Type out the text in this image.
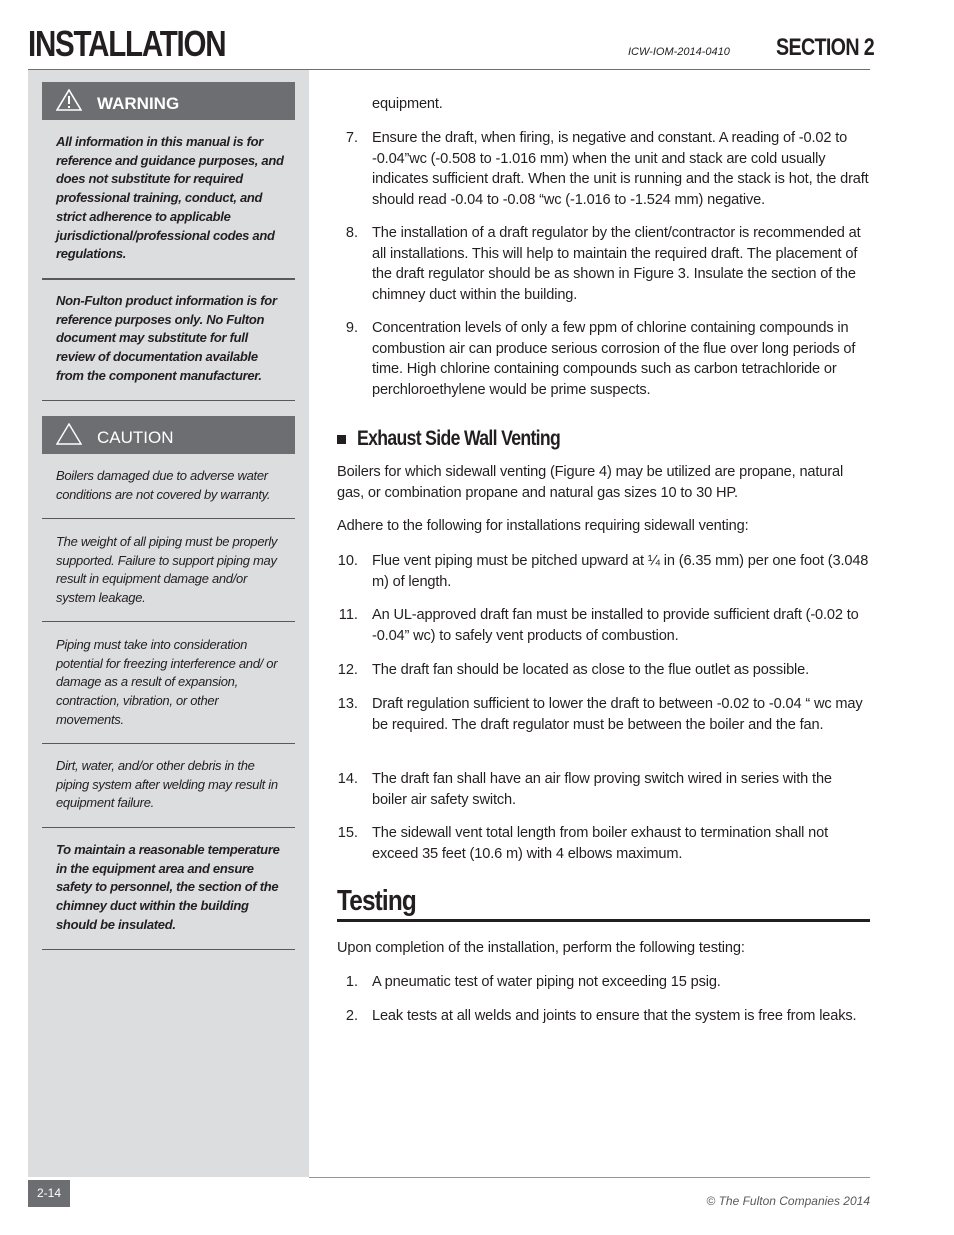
INSTALLATION	ICW-IOM-2014-0410 SECTION 2
WARNING
All information in this manual is for reference and guidance purposes, and does not substitute for required professional training, conduct, and strict adherence to applicable jurisdictional/professional codes and regulations.
Non-Fulton product information is for reference purposes only. No Fulton document may substitute for full review of documentation available from the component manufacturer.
CAUTION
Boilers damaged due to adverse water conditions are not covered by warranty.
The weight of all piping must be properly supported. Failure to support piping may result in equipment damage and/or system leakage.
Piping must take into consideration potential for freezing interference and/ or damage as a result of expansion, contraction, vibration, or other movements.
Dirt, water, and/or other debris in the piping system after welding may result in equipment failure.
To maintain a reasonable temperature in the equipment area and ensure safety to personnel, the section of the chimney duct within the building should be insulated.
equipment.
7. Ensure the draft, when firing, is negative and constant. A reading of -0.02 to -0.04”wc (-0.508 to -1.016 mm) when the unit and stack are cold usually indicates sufficient draft. When the unit is running and the stack is hot, the draft should read -0.04 to -0.08 “wc (-1.016 to -1.524 mm) negative.
8. The installation of a draft regulator by the client/contractor is recommended at all installations. This will help to maintain the required draft. The placement of the draft regulator should be as shown in Figure 3. Insulate the section of the chimney duct within the building.
9. Concentration levels of only a few ppm of chlorine containing compounds in combustion air can produce serious corrosion of the flue over long periods of time. High chlorine containing compounds such as carbon tetrachloride or perchloroethylene would be prime suspects.
Exhaust Side Wall Venting
Boilers for which sidewall venting (Figure 4) may be utilized are propane, natural gas, or combination propane and natural gas sizes 10 to 30 HP.
Adhere to the following for installations requiring sidewall venting:
10. Flue vent piping must be pitched upward at ¼ in (6.35 mm) per one foot (3.048 m) of length.
11. An UL-approved draft fan must be installed to provide sufficient draft (-0.02 to -0.04” wc) to safely vent products of combustion.
12. The draft fan should be located as close to the flue outlet as possible.
13. Draft regulation sufficient to lower the draft to between -0.02 to -0.04 “ wc may be required. The draft regulator must be between the boiler and the fan.
14. The draft fan shall have an air flow proving switch wired in series with the boiler air safety switch.
15. The sidewall vent total length from boiler exhaust to termination shall not exceed 35 feet (10.6 m) with 4 elbows maximum.
Testing
Upon completion of the installation, perform the following testing:
1. A pneumatic test of water piping not exceeding 15 psig.
2. Leak tests at all welds and joints to ensure that the system is free from leaks.
2-14
© The Fulton Companies 2014
